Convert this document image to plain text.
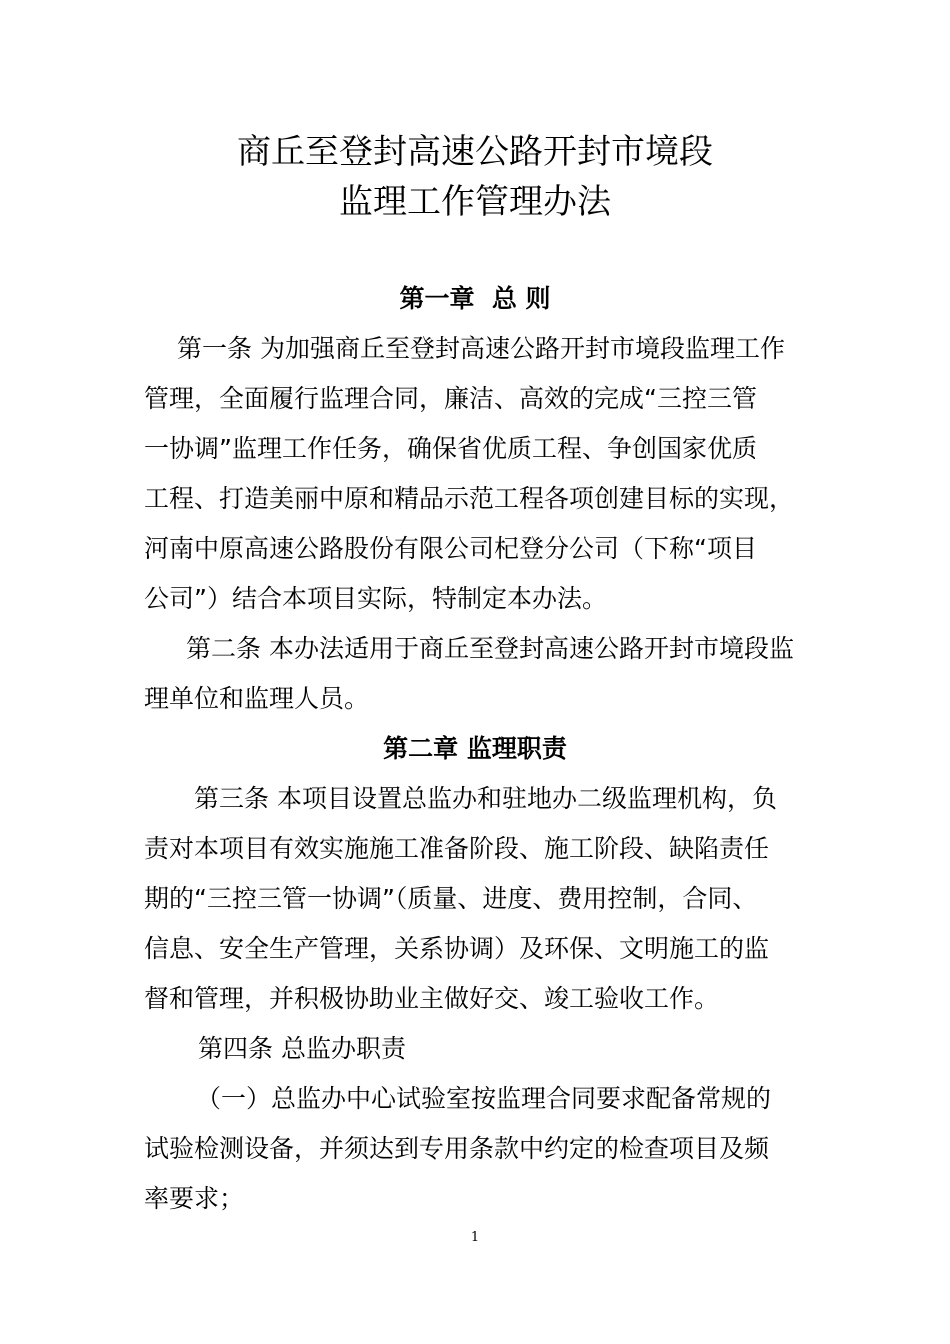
商丘至登封高速公路开封市境段
监理工作管理办法
第一章  总 则
第一条 为加强商丘至登封高速公路开封市境段监理工作
管理，全面履行监理合同，廉洁、高效的完成“三控三管
一协调”监理工作任务，确保省优质工程、争创国家优质
工程、打造美丽中原和精品示范工程各项创建目标的实现，
河南中原高速公路股份有限公司杞登分公司（下称“项目
公司”）结合本项目实际，特制定本办法。
第二条 本办法适用于商丘至登封高速公路开封市境段监
理单位和监理人员。
第二章 监理职责
第三条 本项目设置总监办和驻地办二级监理机构，负
责对本项目有效实施施工准备阶段、施工阶段、缺陷责任
期的“三控三管一协调”（质量、进度、费用控制，合同、
信息、安全生产管理，关系协调）及环保、文明施工的监
督和管理，并积极协助业主做好交、竣工验收工作。
第四条 总监办职责
（一）总监办中心试验室按监理合同要求配备常规的
试验检测设备，并须达到专用条款中约定的检查项目及频
率要求；
1
